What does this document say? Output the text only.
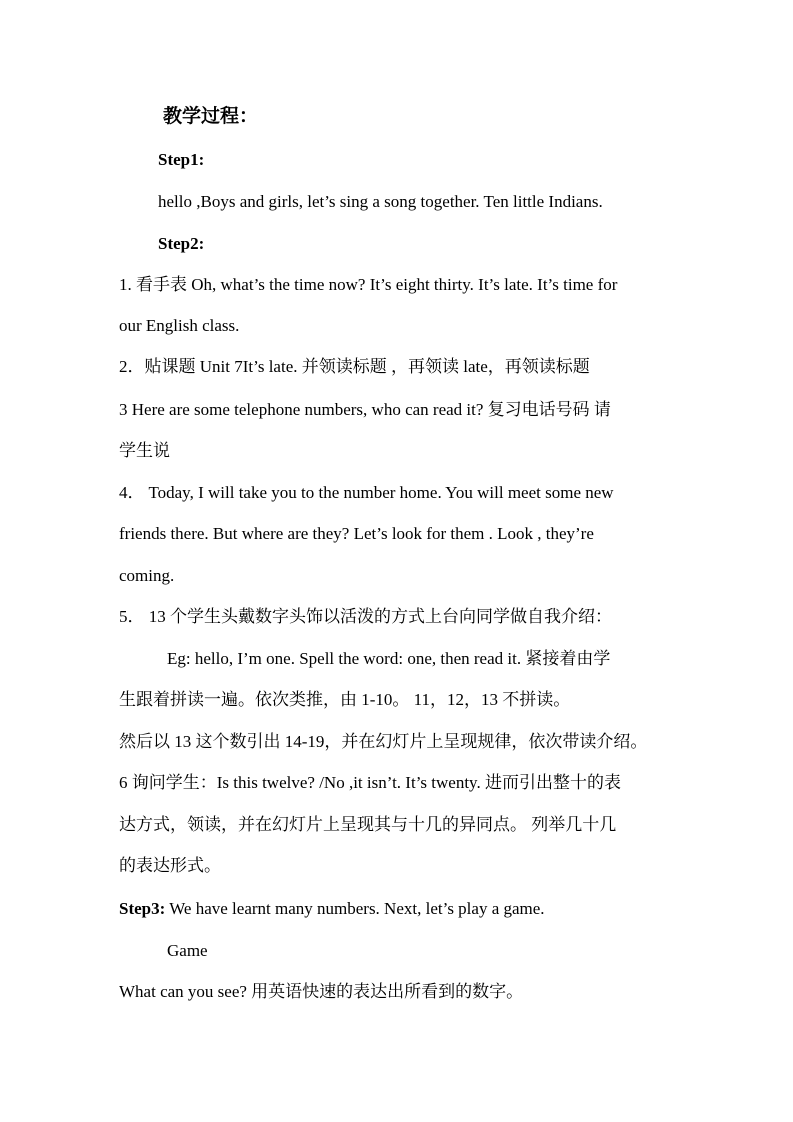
教学过程：
Step1:
hello ,Boys and girls, let’s sing a song together. Ten little Indians.
Step2:
1. 看手表 Oh, what’s the time now? It’s eight thirty. It’s late. It’s time for
our English class.
2．贴课题 Unit 7It’s late. 并领读标题 ，再领读 late，再领读标题
3 Here are some telephone numbers, who can read it? 复习电话号码 请
学生说
4． Today, I will take you to the number home. You will meet some new
friends there. But where are they? Let’s look for them . Look , they’re
coming.
5． 13 个学生头戴数字头饰以活泼的方式上台向同学做自我介绍：
Eg: hello, I’m one. Spell the word: one, then read it. 紧接着由学
生跟着拼读一遍。依次类推，由 1-10。 11，12，13 不拼读。
然后以 13 这个数引出 14-19，并在幻灯片上呈现规律，依次带读介绍。
6 询问学生：Is this twelve? /No ,it isn’t. It’s twenty. 进而引出整十的表
达方式，领读，并在幻灯片上呈现其与十几的异同点。 列举几十几
的表达形式。
Step3: We have learnt many numbers. Next, let’s play a game.
Game
What can you see? 用英语快速的表达出所看到的数字。
